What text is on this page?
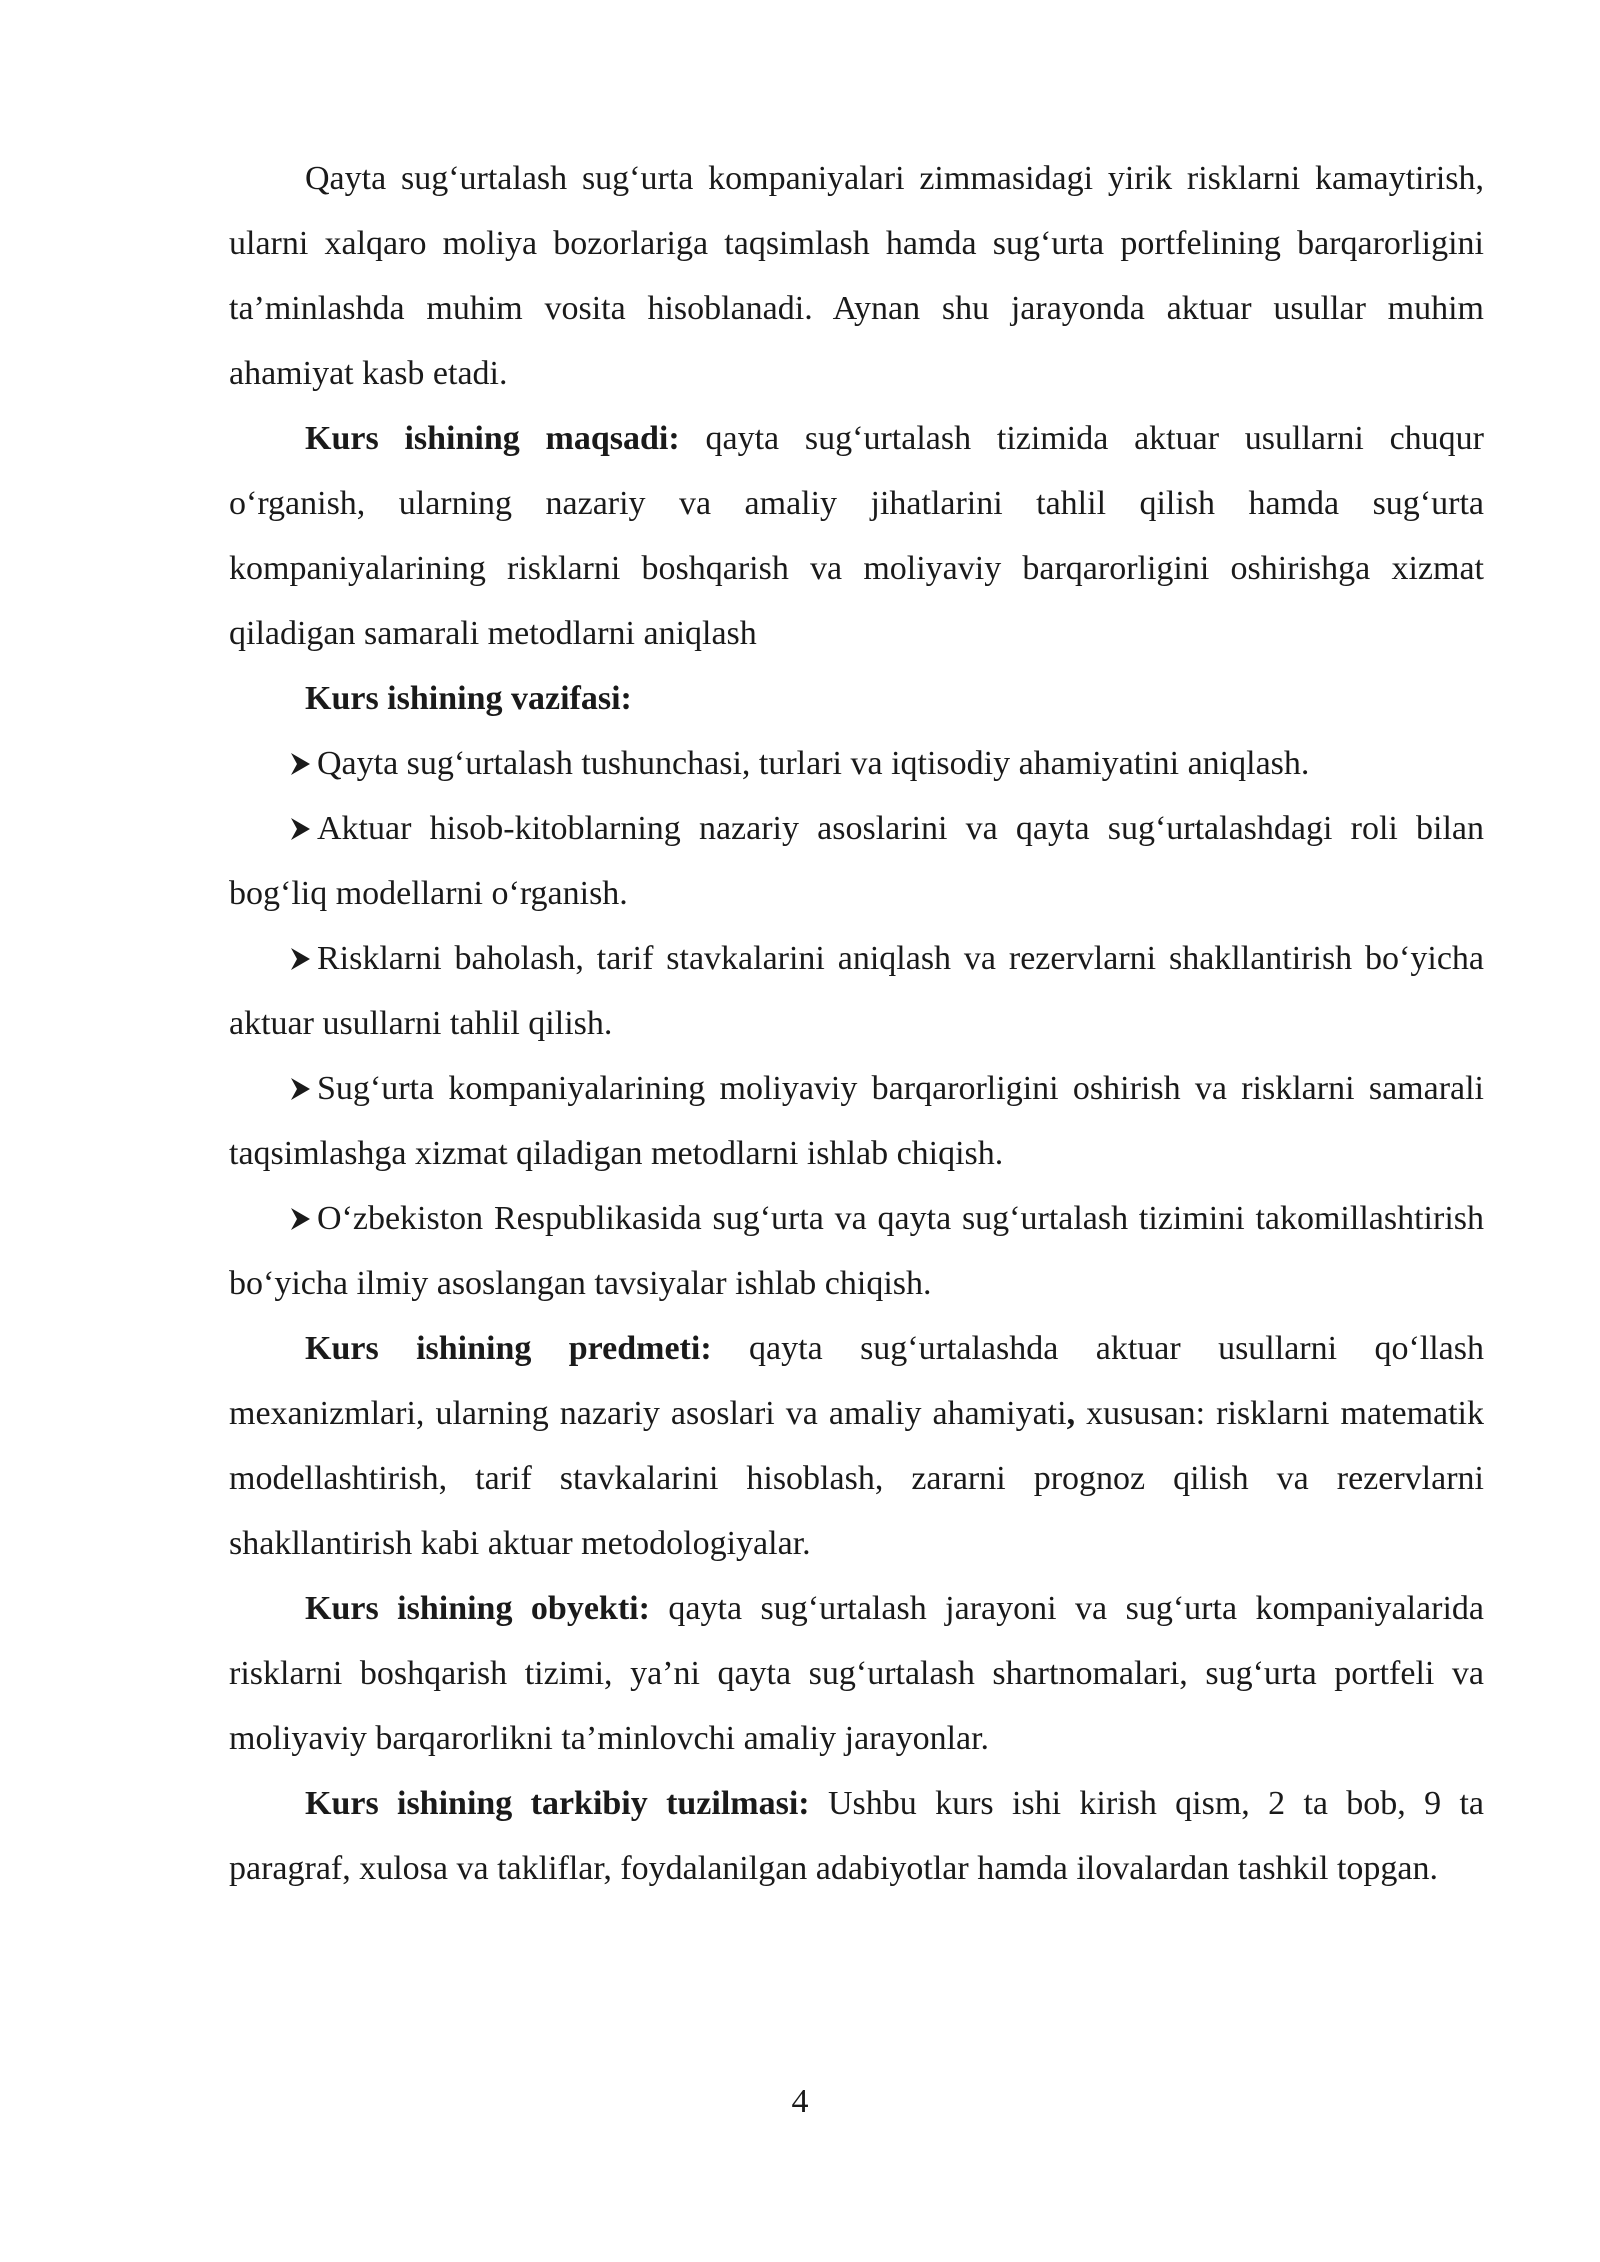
Qayta sug‘urtalash sug‘urta kompaniyalari zimmasidagi yirik risklarni kamaytirish, ularni xalqaro moliya bozorlariga taqsimlash hamda sug‘urta portfelining barqarorligini ta’minlashda muhim vosita hisoblanadi. Aynan shu jarayonda aktuar usullar muhim ahamiyat kasb etadi.

Kurs ishining maqsadi: qayta sug‘urtalash tizimida aktuar usullarni chuqur o‘rganish, ularning nazariy va amaliy jihatlarini tahlil qilish hamda sug‘urta kompaniyalarining risklarni boshqarish va moliyaviy barqarorligini oshirishga xizmat qiladigan samarali metodlarni aniqlash

Kurs ishining vazifasi:

Qayta sug‘urtalash tushunchasi, turlari va iqtisodiy ahamiyatini aniqlash.

Aktuar hisob-kitoblarning nazariy asoslarini va qayta sug‘urtalashdagi roli bilan bog‘liq modellarni o‘rganish.

Risklarni baholash, tarif stavkalarini aniqlash va rezervlarni shakllantirish bo‘yicha aktuar usullarni tahlil qilish.

Sug‘urta kompaniyalarining moliyaviy barqarorligini oshirish va risklarni samarali taqsimlashga xizmat qiladigan metodlarni ishlab chiqish.

O‘zbekiston Respublikasida sug‘urta va qayta sug‘urtalash tizimini takomillashtirish bo‘yicha ilmiy asoslangan tavsiyalar ishlab chiqish.

Kurs ishining predmeti: qayta sug‘urtalashda aktuar usullarni qo‘llash mexanizmlari, ularning nazariy asoslari va amaliy ahamiyati, xususan: risklarni matematik modellashtirish, tarif stavkalarini hisoblash, zararni prognoz qilish va rezervlarni shakllantirish kabi aktuar metodologiyalar.

Kurs ishining obyekti: qayta sug‘urtalash jarayoni va sug‘urta kompaniyalarida risklarni boshqarish tizimi, ya’ni qayta sug‘urtalash shartnomalari, sug‘urta portfeli va moliyaviy barqarorlikni ta’minlovchi amaliy jarayonlar.

Kurs ishining tarkibiy tuzilmasi: Ushbu kurs ishi kirish qism, 2 ta bob, 9 ta paragraf, xulosa va takliflar, foydalanilgan adabiyotlar hamda ilovalardan tashkil topgan.

4
